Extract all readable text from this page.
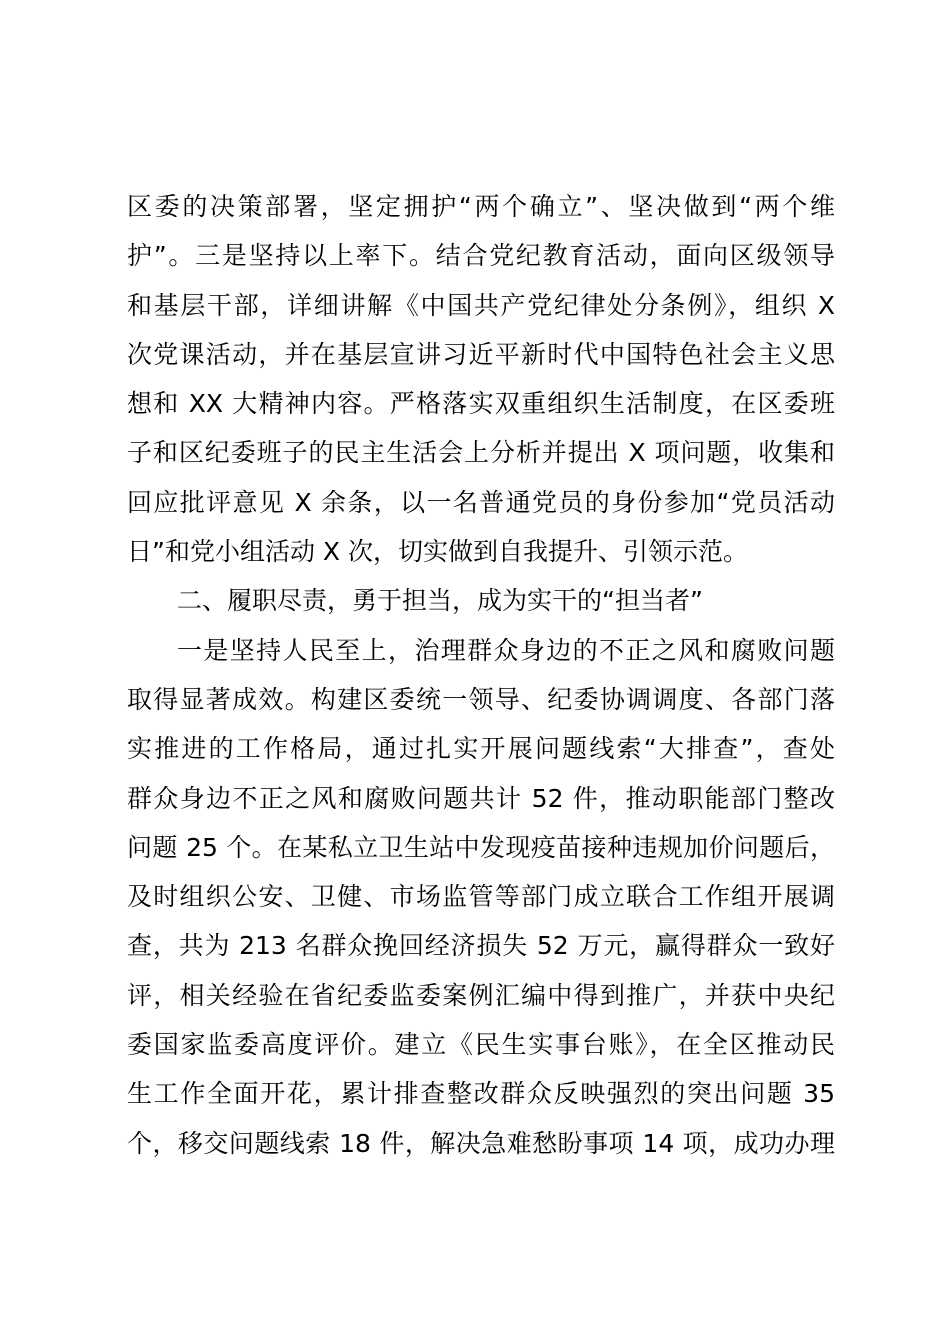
区委的决策部署，坚定拥护“两个确立”、坚决做到“两个维
护”。三是坚持以上率下。结合党纪教育活动，面向区级领导
和基层干部，详细讲解《中国共产党纪律处分条例》，组织 X
次党课活动，并在基层宣讲习近平新时代中国特色社会主义思
想和 XX 大精神内容。严格落实双重组织生活制度，在区委班
子和区纪委班子的民主生活会上分析并提出 X 项问题，收集和
回应批评意见 X 余条，以一名普通党员的身份参加“党员活动
日”和党小组活动 X 次，切实做到自我提升、引领示范。
二、履职尽责，勇于担当，成为实干的“担当者”
一是坚持人民至上，治理群众身边的不正之风和腐败问题
取得显著成效。构建区委统一领导、纪委协调调度、各部门落
实推进的工作格局，通过扎实开展问题线索“大排查”，查处
群众身边不正之风和腐败问题共计 52 件，推动职能部门整改
问题 25 个。在某私立卫生站中发现疫苗接种违规加价问题后，
及时组织公安、卫健、市场监管等部门成立联合工作组开展调
查，共为 213 名群众挽回经济损失 52 万元，赢得群众一致好
评，相关经验在省纪委监委案例汇编中得到推广，并获中央纪
委国家监委高度评价。建立《民生实事台账》，在全区推动民
生工作全面开花，累计排查整改群众反映强烈的突出问题 35
个，移交问题线索 18 件，解决急难愁盼事项 14 项，成功办理
